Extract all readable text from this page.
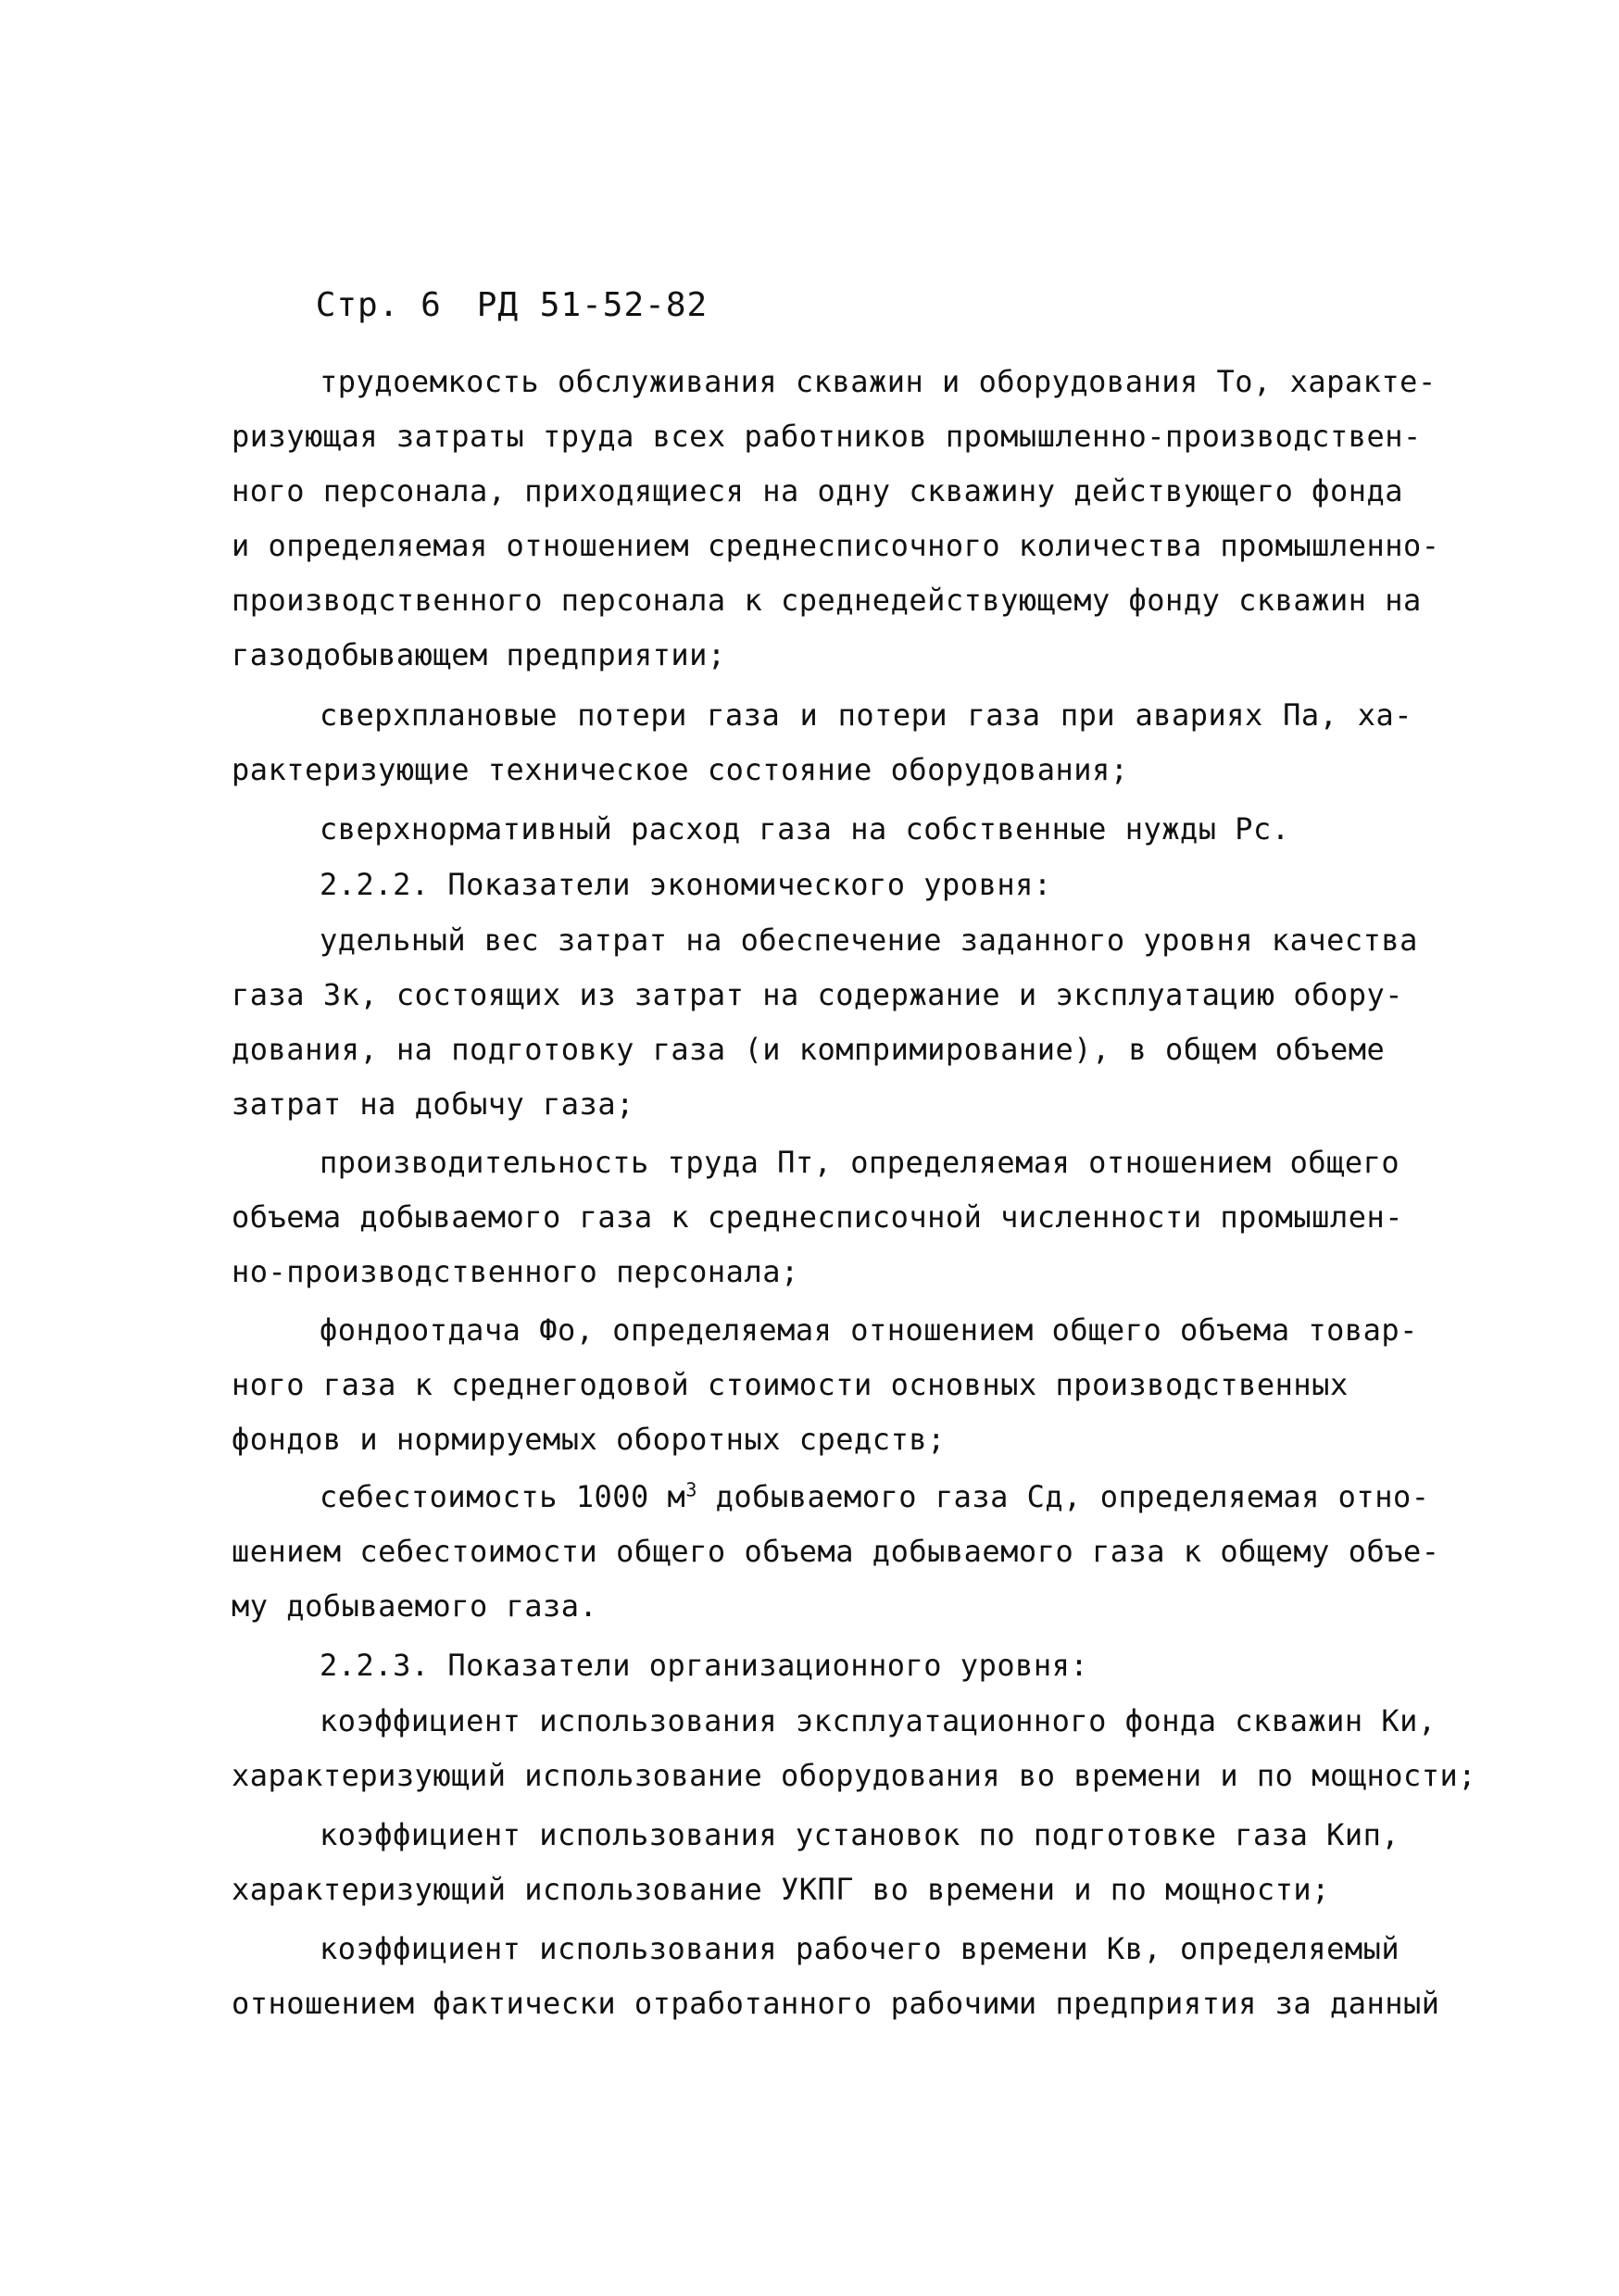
Стр. 6 РД 51-52-82

трудоемкость обслуживания скважин и оборудования То, характе-
ризующая затраты труда всех работников промышленно-производствен-
ного персонала, приходящиеся на одну скважину действующего фонда
и определяемая отношением среднесписочного количества промышленно-
производственного персонала к среднедействующему фонду скважин на
газодобывающем предприятии;
сверхплановые потери газа и потери газа при авариях Па, ха-
рактеризующие техническое состояние оборудования;
сверхнормативный расход газа на собственные нужды Рс.
2.2.2. Показатели экономического уровня:
удельный вес затрат на обеспечение заданного уровня качества
газа Зк, состоящих из затрат на содержание и эксплуатацию обору-
дования, на подготовку газа (и компримирование), в общем объеме
затрат на добычу газа;
производительность труда Пт, определяемая отношением общего
объема добываемого газа к среднесписочной численности промышлен-
но-производственного персонала;
фондоотдача Фо, определяемая отношением общего объема товар-
ного газа к среднегодовой стоимости основных производственных
фондов и нормируемых оборотных средств;
себестоимость 1000 $м^3$ добываемого газа Сд, определяемая отно-
шением себестоимости общего объема добываемого газа к общему объе-
му добываемого газа.
2.2.3. Показатели организационного уровня:
коэффициент использования эксплуатационного фонда скважин Ки,
характеризующий использование оборудования во времени и по мощности;
коэффициент использования установок по подготовке газа Кип,
характеризующий использование УКПГ во времени и по мощности;
коэффициент использования рабочего времени Кв, определяемый
отношением фактически отработанного рабочими предприятия за данный
